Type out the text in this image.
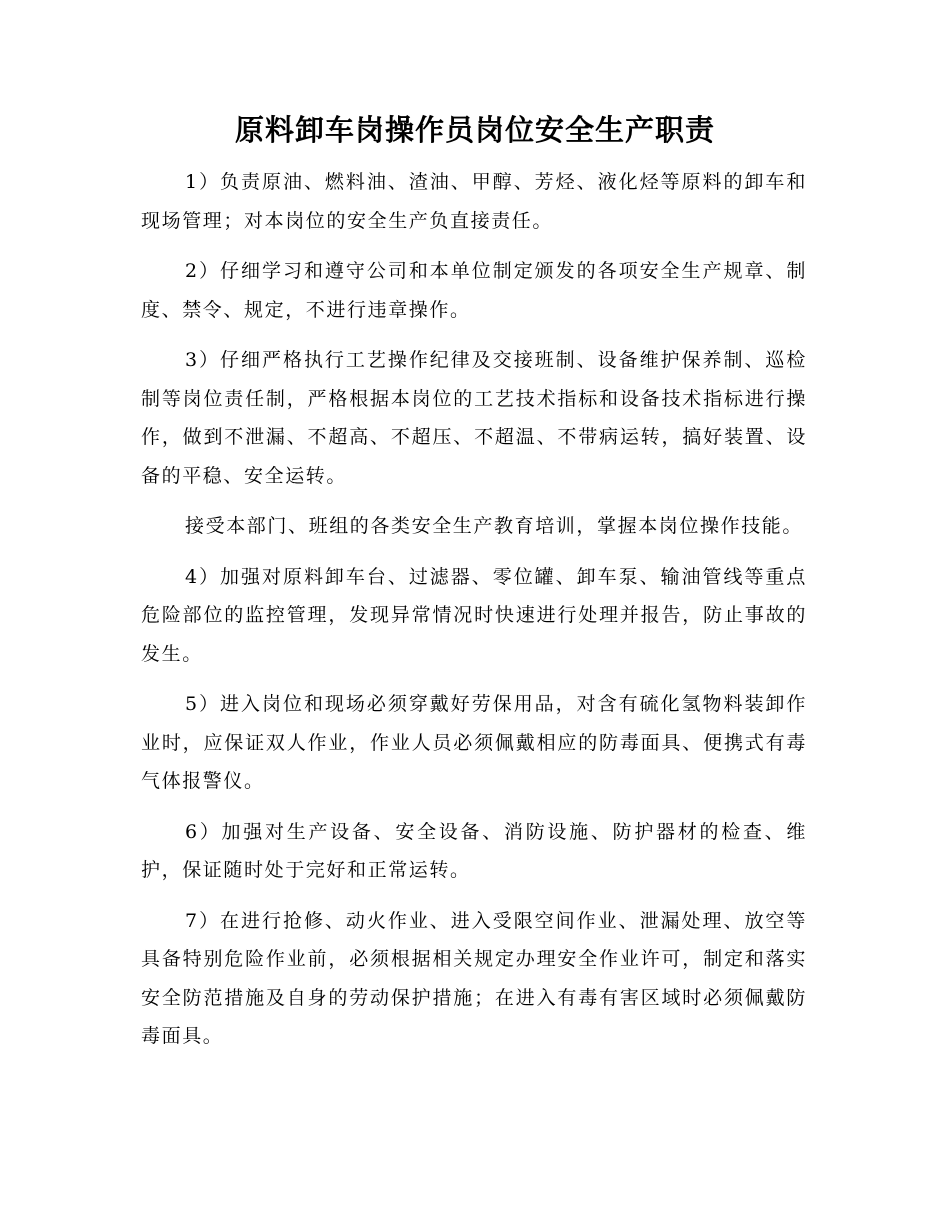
原料卸车岗操作员岗位安全生产职责

1）负责原油、燃料油、渣油、甲醇、芳烃、液化烃等原料的卸车和现场管理；对本岗位的安全生产负直接责任。

2）仔细学习和遵守公司和本单位制定颁发的各项安全生产规章、制度、禁令、规定，不进行违章操作。

3）仔细严格执行工艺操作纪律及交接班制、设备维护保养制、巡检制等岗位责任制，严格根据本岗位的工艺技术指标和设备技术指标进行操作，做到不泄漏、不超高、不超压、不超温、不带病运转，搞好装置、设备的平稳、安全运转。

接受本部门、班组的各类安全生产教育培训，掌握本岗位操作技能。

4）加强对原料卸车台、过滤器、零位罐、卸车泵、输油管线等重点危险部位的监控管理，发现异常情况时快速进行处理并报告，防止事故的发生。

5）进入岗位和现场必须穿戴好劳保用品，对含有硫化氢物料装卸作业时，应保证双人作业，作业人员必须佩戴相应的防毒面具、便携式有毒气体报警仪。

6）加强对生产设备、安全设备、消防设施、防护器材的检查、维护，保证随时处于完好和正常运转。

7）在进行抢修、动火作业、进入受限空间作业、泄漏处理、放空等具备特别危险作业前，必须根据相关规定办理安全作业许可，制定和落实安全防范措施及自身的劳动保护措施；在进入有毒有害区域时必须佩戴防毒面具。
